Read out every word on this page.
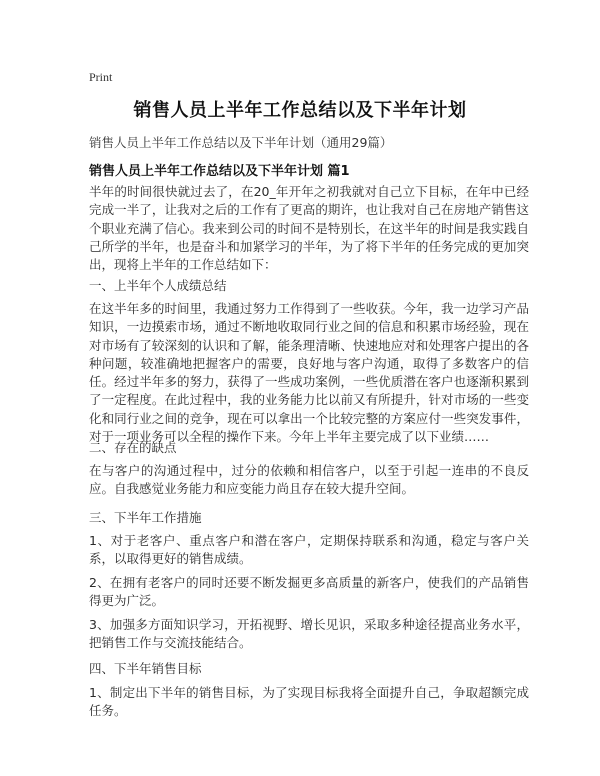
Print
销售人员上半年工作总结以及下半年计划
销售人员上半年工作总结以及下半年计划（通用29篇）
销售人员上半年工作总结以及下半年计划 篇1
半年的时间很快就过去了，在20_年开年之初我就对自己立下目标，在年中已经完成一半了，让我对之后的工作有了更高的期许，也让我对自己在房地产销售这个职业充满了信心。我来到公司的时间不是特别长，在这半年的时间是我实践自己所学的半年，也是奋斗和加紧学习的半年，为了将下半年的任务完成的更加突出，现将上半年的工作总结如下：
一、上半年个人成绩总结
在这半年多的时间里，我通过努力工作得到了一些收获。今年，我一边学习产品知识，一边摸索市场，通过不断地收取同行业之间的信息和积累市场经验，现在对市场有了较深刻的认识和了解，能条理清晰、快速地应对和处理客户提出的各种问题，较准确地把握客户的需要，良好地与客户沟通，取得了多数客户的信任。经过半年多的努力，获得了一些成功案例，一些优质潜在客户也逐渐积累到了一定程度。在此过程中，我的业务能力比以前又有所提升，针对市场的一些变化和同行业之间的竞争，现在可以拿出一个比较完整的方案应付一些突发事件，对于一项业务可以全程的操作下来。今年上半年主要完成了以下业绩……
二、存在的缺点
在与客户的沟通过程中，过分的依赖和相信客户，以至于引起一连串的不良反应。自我感觉业务能力和应变能力尚且存在较大提升空间。
三、下半年工作措施
1、对于老客户、重点客户和潜在客户，定期保持联系和沟通，稳定与客户关系，以取得更好的销售成绩。
2、在拥有老客户的同时还要不断发掘更多高质量的新客户，使我们的产品销售得更为广泛。
3、加强多方面知识学习，开拓视野、增长见识，采取多种途径提高业务水平，把销售工作与交流技能结合。
四、下半年销售目标
1、制定出下半年的销售目标，为了实现目标我将全面提升自己，争取超额完成任务。
